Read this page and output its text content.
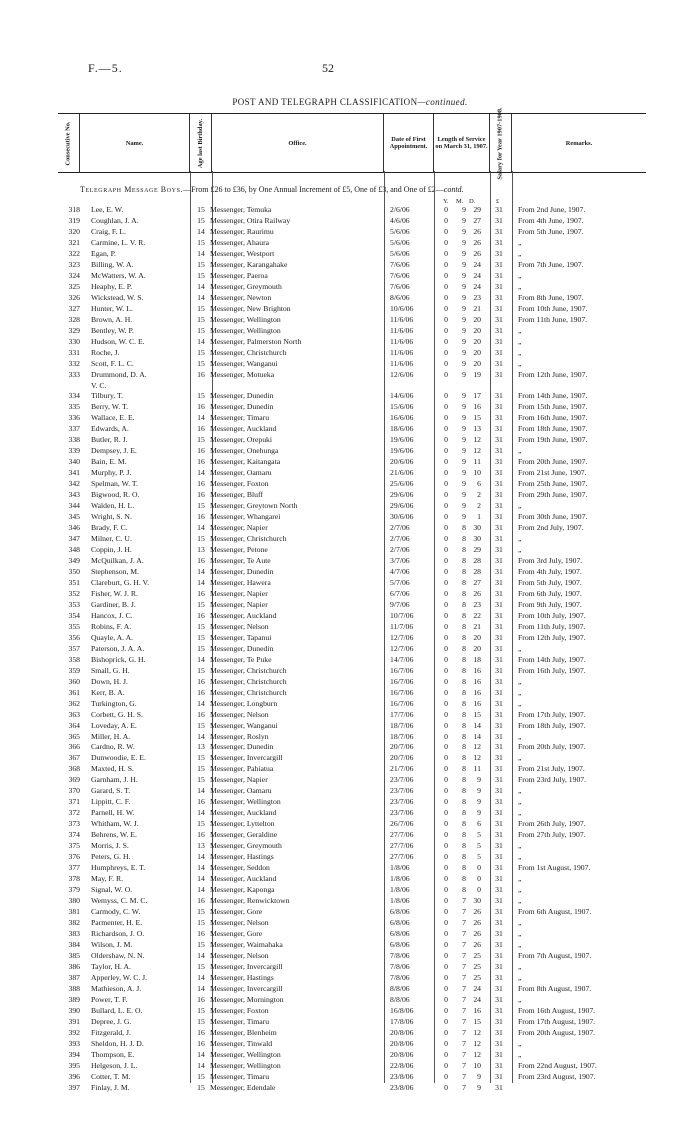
F.—5.	52
POST AND TELEGRAPH CLASSIFICATION—continued.
Consecutive No.	Name.	Age last Birthday.	Office.	Date of First Appointment.
Length of Service on March 31, 1907.	Salary for Year 1907-1908.	Remarks.
Telegraph Message Boys.—From £26 to £36, by One Annual Increment of £5, One of £3, and One of £2—contd.
Y. M. D.	£
318 Lee, E. W.	15 Messenger, Temuka	2/6/06	0	9 29	31	From 2nd June, 1907.
319 Coughlan, J. A.	15 Messenger, Otira Railway	4/6/06	0	9 27	31	From 4th June, 1907.
320 Craig, F. L.	14 Messenger, Raurimu	5/6/06	0	9 26	31	From 5th June, 1907.
321 Carmine, L. V. R.	15 Messenger, Ahaura	5/6/06	0	9 26	31	„
322 Egan, P.	14 Messenger, Westport	5/6/06	0	9 26	31	„
323 Billing, W. A.	15 Messenger, Karangahake	7/6/06	0	9 24	31	From 7th June, 1907.
324 McWatters, W. A.	15 Messenger, Paeroa	7/6/06	0	9 24	31	„
325 Heaphy, E. P.	14 Messenger, Greymouth	7/6/06	0	9 24	31	„
326 Wickstead, W. S.	14 Messenger, Newton	8/6/06	0	9 23	31	From 8th June, 1907.
327 Hunter, W. L.	15 Messenger, New Brighton	10/6/06	0	9 21	31	From 10th June, 1907.
328 Brown, A. H.	15 Messenger, Wellington	11/6/06	0	9 20	31	From 11th June, 1907.
329 Bentley, W. P.	15 Messenger, Wellington	11/6/06	0	9 20	31	„
330 Hudson, W. C. E.	14 Messenger, Palmerston North	11/6/06	0	9 20	31	„
331 Roche, J.	15 Messenger, Christchurch	11/6/06	0	9 20	31	„
332 Scott, F. L. C.	15 Messenger, Wanganui	11/6/06	0	9 20	31	„
333 Drummond, D. A.	16 Messenger, Motueka	12/6/06	0	9 19	31	From 12th June, 1907.
V. C.
334 Tilbury, T.	15 Messenger, Dunedin	14/6/06	0	9 17	31	From 14th June, 1907.
335 Berry, W. T.	16 Messenger, Dunedin	15/6/06	0	9 16	31	From 15th June, 1907.
336 Wallace, E. E.	14 Messenger, Timaru	16/6/06	0	9 15	31	From 16th June, 1907.
337 Edwards, A.	16 Messenger, Auckland	18/6/06	0	9 13	31	From 18th June, 1907.
338 Butler, R. J.	15 Messenger, Orepuki	19/6/06	0	9 12	31	From 19th June, 1907.
339 Dempsey, J. E.	16 Messenger, Onehunga	19/6/06	0	9 12	31	„
340 Bain, E. M.	16 Messenger, Kaitangata	20/6/06	0	9 11	31	From 20th June, 1907.
341 Murphy, P. J.	14 Messenger, Oamaru	21/6/06	0	9 10	31	From 21st June, 1907.
342 Spelman, W. T.	16 Messenger, Foxton	25/6/06	0	9	6	31	From 25th June, 1907.
343 Bigwood, R. O.	16 Messenger, Bluff	29/6/06	0	9	2	31	From 29th June, 1907.
344 Walden, H. L.	15 Messenger, Greytown North	29/6/06	0	9	2	31	„
345 Wright, S. N.	16 Messenger, Whangarei	30/6/06	0	9	1	31	From 30th June, 1907.
346 Brady, F. C.	14 Messenger, Napier	2/7/06	0	8 30	31	From 2nd July, 1907.
347 Milner, C. U.	15 Messenger, Christchurch	2/7/06	0	8 30	31	„
348 Coppin, J. H.	13 Messenger, Petone	2/7/06	0	8 29	31	„
349 McQuilkan, J. A.	16 Messenger, Te Aute	3/7/06	0	8 28	31	From 3rd July, 1907.
350 Stephenson, M.	14 Messenger, Dunedin	4/7/06	0	8 28	31	From 4th July, 1907.
351 Clareburt, G. H. V.	14 Messenger, Hawera	5/7/06	0	8 27	31	From 5th July, 1907.
352 Fisher, W. J. R.	16 Messenger, Napier	6/7/06	0	8 26	31	From 6th July, 1907.
353 Gardiner, B. J.	15 Messenger, Napier	9/7/06	0	8 23	31	From 9th July, 1907.
354 Hancox, J. C.	16 Messenger, Auckland	10/7/06	0	8 22	31	From 10th July, 1907.
355 Robins, F. A.	15 Messenger, Nelson	11/7/06	0	8 21	31	From 11th July, 1907.
356 Quayle, A. A.	15 Messenger, Tapanui	12/7/06	0	8 20	31	From 12th July, 1907.
357 Paterson, J. A. A.	15 Messenger, Dunedin	12/7/06	0	8 20	31	„
358 Bishoprick, G. H.	14 Messenger, Te Puke	14/7/06	0	8 18	31	From 14th July, 1907.
359 Small, G. H.	15 Messenger, Christchurch	16/7/06	0	8 16	31	From 16th July, 1907.
360 Down, H. J.	16 Messenger, Christchurch	16/7/06	0	8 16	31	„
361 Kerr, B. A.	16 Messenger, Christchurch	16/7/06	0	8 16	31	„
362 Turkington, G.	14 Messenger, Longburn	16/7/06	0	8 16	31	„
363 Corbett, G. H. S.	16 Messenger, Nelson	17/7/06	0	8 15	31	From 17th July, 1907.
364 Loveday, A. E.	15 Messenger, Wanganui	18/7/06	0	8 14	31	From 18th July, 1907.
365 Miller, H. A.	14 Messenger, Roslyn	18/7/06	0	8 14	31	„
366 Cardno, R. W.	13 Messenger, Dunedin	20/7/06	0	8 12	31	From 20th July, 1907.
367 Dunwoodie, E. E.	15 Messenger, Invercargill	20/7/06	0	8 12	31	„
368 Maxted, H. S.	15 Messenger, Pahiatua	21/7/06	0	8 11	31	From 21st July, 1907.
369 Garnham, J. H.	15 Messenger, Napier	23/7/06	0	8	9	31	From 23rd July, 1907.
370 Garard, S. T.	14 Messenger, Oamaru	23/7/06	0	8	9	31	„
371 Lippitt, C. F.	16 Messenger, Wellington	23/7/06	0	8	9	31	„
372 Parnell, H. W.	14 Messenger, Auckland	23/7/06	0	8	9	31	„
373 Whitham, W. J.	15 Messenger, Lyttelton	26/7/06	0	8	6	31	From 26th July, 1907.
374 Behrens, W. E.	16 Messenger, Geraldine	27/7/06	0	8	5	31	From 27th July, 1907.
375 Morris, J. S.	13 Messenger, Greymouth	27/7/06	0	8	5	31	„
376 Peters, G. H.	14 Messenger, Hastings	27/7/06	0	8	5	31	„
377 Humphreys, E. T.	14 Messenger, Seddon	1/8/06	0	8	0	31	From 1st August, 1907.
378 May, F. R.	14 Messenger, Auckland	1/8/06	0	8	0	31	„
379 Signal, W. O.	14 Messenger, Kaponga	1/8/06	0	8	0	31	„
380 Wemyss, C. M. C.	16 Messenger, Renwicktown	1/8/06	0	7 30	31	„
381 Carmody, C. W.	15 Messenger, Gore	6/8/06	0	7 26	31	From 6th August, 1907.
382 Parmenter, H. E.	15 Messenger, Nelson	6/8/06	0	7 26	31	„
383 Richardson, J. O.	16 Messenger, Gore	6/8/06	0	7 26	31	„
384 Wilson, J. M.	15 Messenger, Waimahaka	6/8/06	0	7 26	31	„
385 Oldershaw, N. N.	14 Messenger, Nelson	7/8/06	0	7 25	31	From 7th August, 1907.
386 Taylor, H. A.	15 Messenger, Invercargill	7/8/06	0	7 25	31	„
387 Apperley, W. C. J.	14 Messenger, Hastings	7/8/06	0	7 25	31	„
388 Mathieson, A. J.	14 Messenger, Invercargill	8/8/06	0	7 24	31	From 8th August, 1907.
389 Power, T. F.	16 Messenger, Mornington	8/8/06	0	7 24	31	„
390 Bullard, L. E. O.	15 Messenger, Foxton	16/8/06	0	7 16	31	From 16th August, 1907.
391 Depree, J. G.	15 Messenger, Timaru	17/8/06	0	7 15	31	From 17th August, 1907.
392 Fitzgerald, J.	16 Messenger, Blenheim	20/8/06	0	7 12	31	From 20th August, 1907.
393 Sheldon, H. J. D.	16 Messenger, Tinwald	20/8/06	0	7 12	31	„
394 Thompson, E.	14 Messenger, Wellington	20/8/06	0	7 12	31	„
395 Helgeson, J. L.	14 Messenger, Wellington	22/8/06	0	7 10	31	From 22nd August, 1907.
396 Cotter, T. M.	15 Messenger, Timaru	23/8/06	0	7	9	31	From 23rd August, 1907.
397 Finlay, J. M.	15 Messenger, Edendale	23/8/06	0	7	9	31
